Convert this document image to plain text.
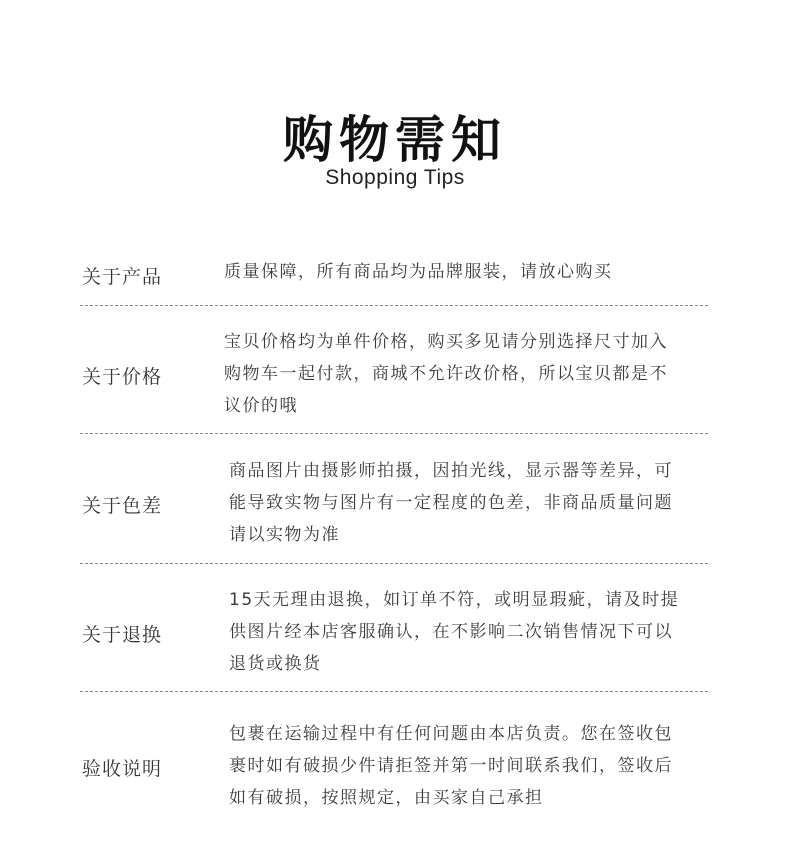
购物需知
Shopping Tips
关于产品	质量保障，所有商品均为品牌服装，请放心购买
关于价格
宝贝价格均为单件价格，购买多见请分别选择尺寸加入
购物车一起付款，商城不允许改价格，所以宝贝都是不
议价的哦
关于色差
商品图片由摄影师拍摄，因拍光线，显示器等差异，可
能导致实物与图片有一定程度的色差，非商品质量问题
请以实物为准
关于退换
15天无理由退换，如订单不符，或明显瑕疵，请及时提
供图片经本店客服确认，在不影响二次销售情况下可以
退货或换货
验收说明
包裹在运输过程中有任何问题由本店负责。您在签收包
裹时如有破损少件请拒签并第一时间联系我们，签收后
如有破损，按照规定，由买家自己承担
